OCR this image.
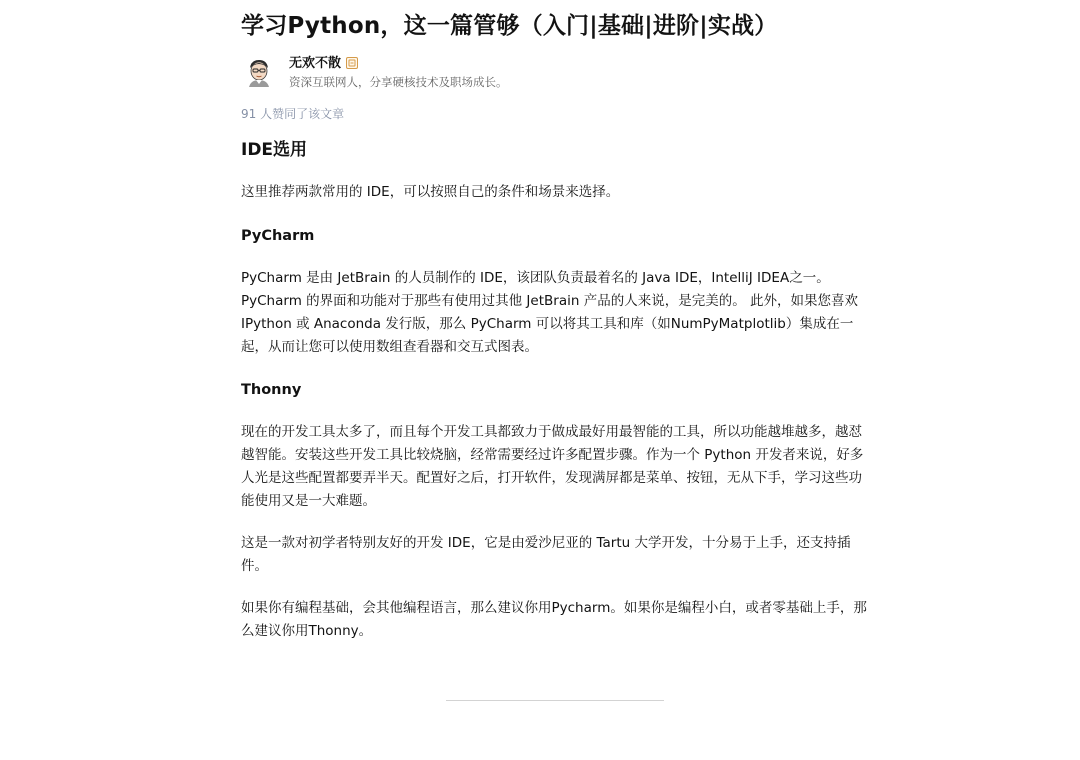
学习Python，这一篇管够（入门|基础|进阶|实战）
无欢不散
资深互联网人，分享硬核技术及职场成长。
91 人赞同了该文章
IDE选用

这里推荐两款常用的 IDE，可以按照自己的条件和场景来选择。

PyCharm

PyCharm 是由 JetBrain 的人员制作的 IDE，该团队负责最着名的 Java IDE，IntelliJ IDEA之一。PyCharm 的界面和功能对于那些有使用过其他 JetBrain 产品的人来说，是完美的。 此外，如果您喜欢 IPython 或 Anaconda 发行版，那么 PyCharm 可以将其工具和库（如NumPyMatplotlib）集成在一起，从而让您可以使用数组查看器和交互式图表。

Thonny

现在的开发工具太多了，而且每个开发工具都致力于做成最好用最智能的工具，所以功能越堆越多，越怼越智能。安装这些开发工具比较烧脑，经常需要经过许多配置步骤。作为一个 Python 开发者来说，好多人光是这些配置都要弄半天。配置好之后，打开软件，发现满屏都是菜单、按钮，无从下手，学习这些功能使用又是一大难题。

这是一款对初学者特别友好的开发 IDE，它是由爱沙尼亚的 Tartu 大学开发，十分易于上手，还支持插件。

如果你有编程基础，会其他编程语言，那么建议你用Pycharm。如果你是编程小白，或者零基础上手，那么建议你用Thonny。
